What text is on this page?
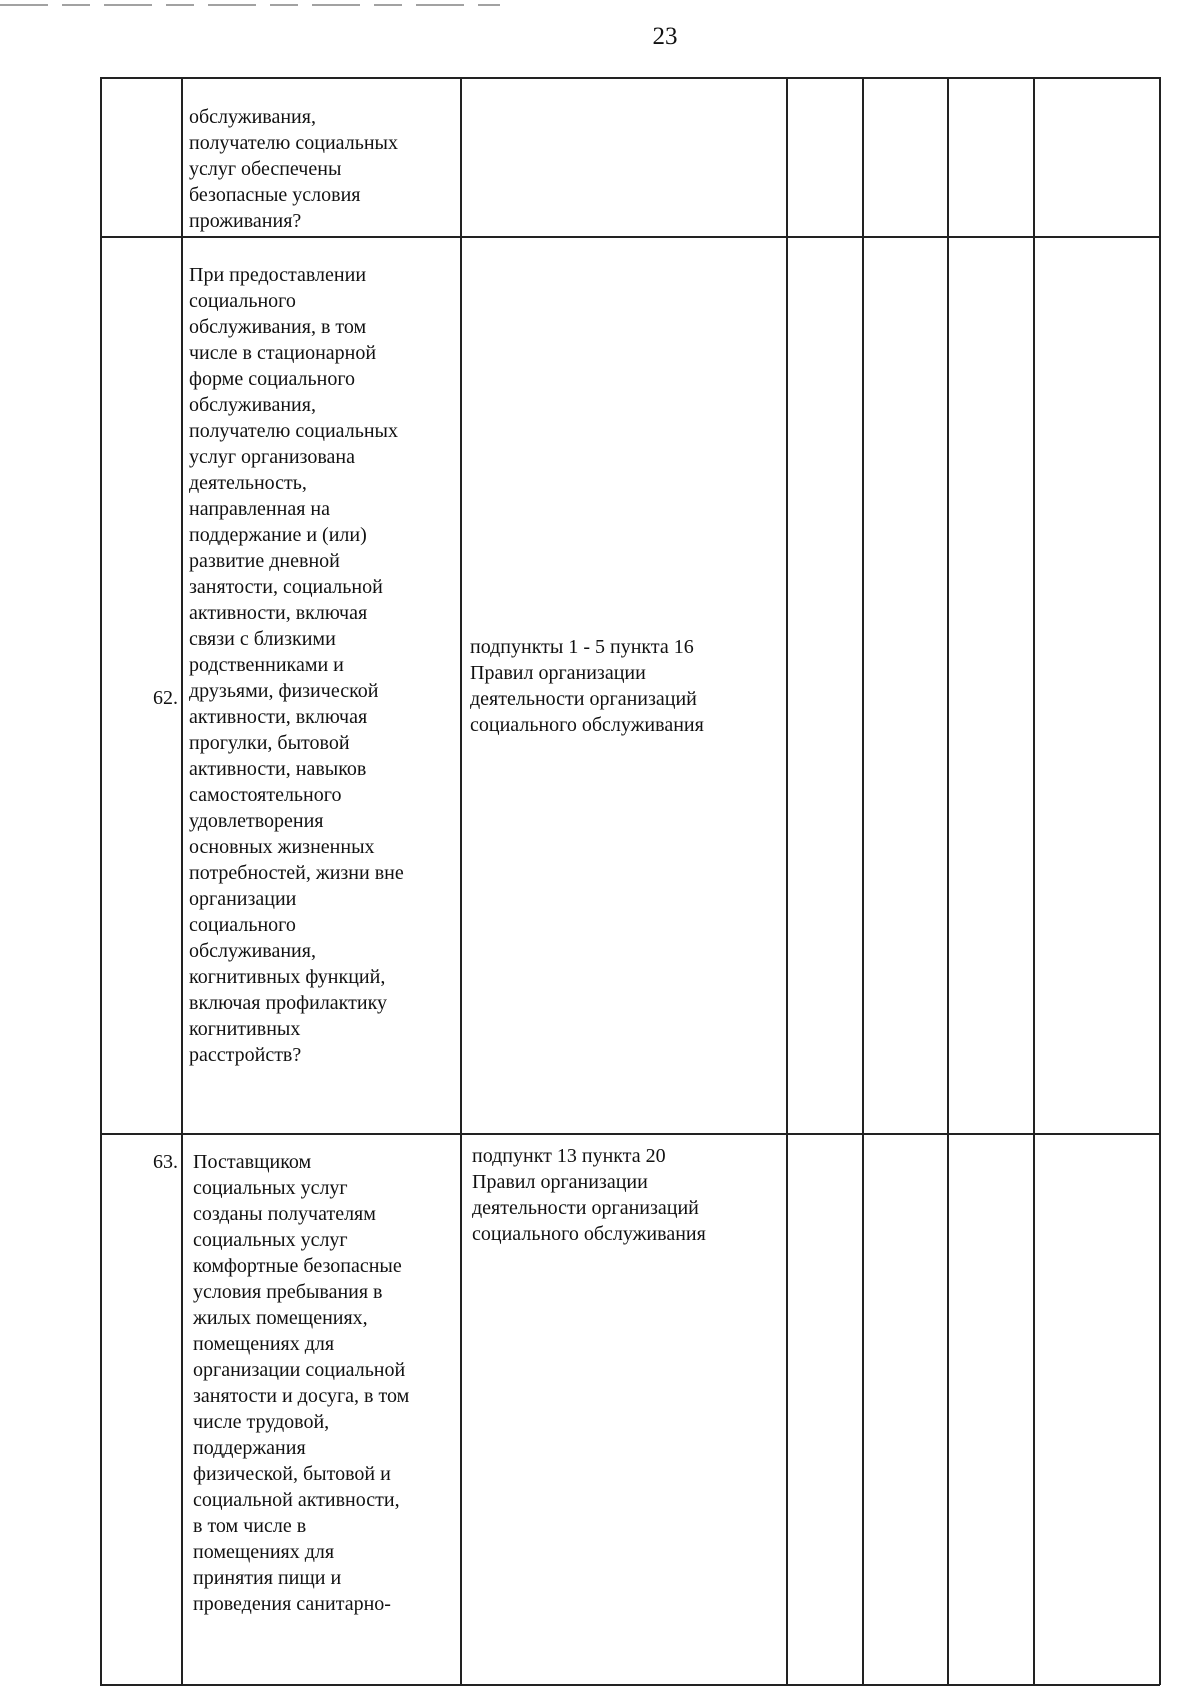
23
обслуживания,
получателю социальных
услуг обеспечены
безопасные условия
проживания?
62.
При предоставлении
социального
обслуживания, в том
числе в стационарной
форме социального
обслуживания,
получателю социальных
услуг организована
деятельность,
направленная на
поддержание и (или)
развитие дневной
занятости, социальной
активности, включая
связи с близкими
родственниками и
друзьями, физической
активности, включая
прогулки, бытовой
активности, навыков
самостоятельного
удовлетворения
основных жизненных
потребностей, жизни вне
организации
социального
обслуживания,
когнитивных функций,
включая профилактику
когнитивных
расстройств?
подпункты 1 - 5 пункта 16
Правил организации
деятельности организаций
социального обслуживания
63. Поставщиком
социальных услуг
созданы получателям
социальных услуг
комфортные безопасные
условия пребывания в
жилых помещениях,
помещениях для
организации социальной
занятости и досуга, в том
числе трудовой,
поддержания
физической, бытовой и
социальной активности,
в том числе в
помещениях для
принятия пищи и
проведения санитарно-
подпункт 13 пункта 20
Правил организации
деятельности организаций
социального обслуживания
